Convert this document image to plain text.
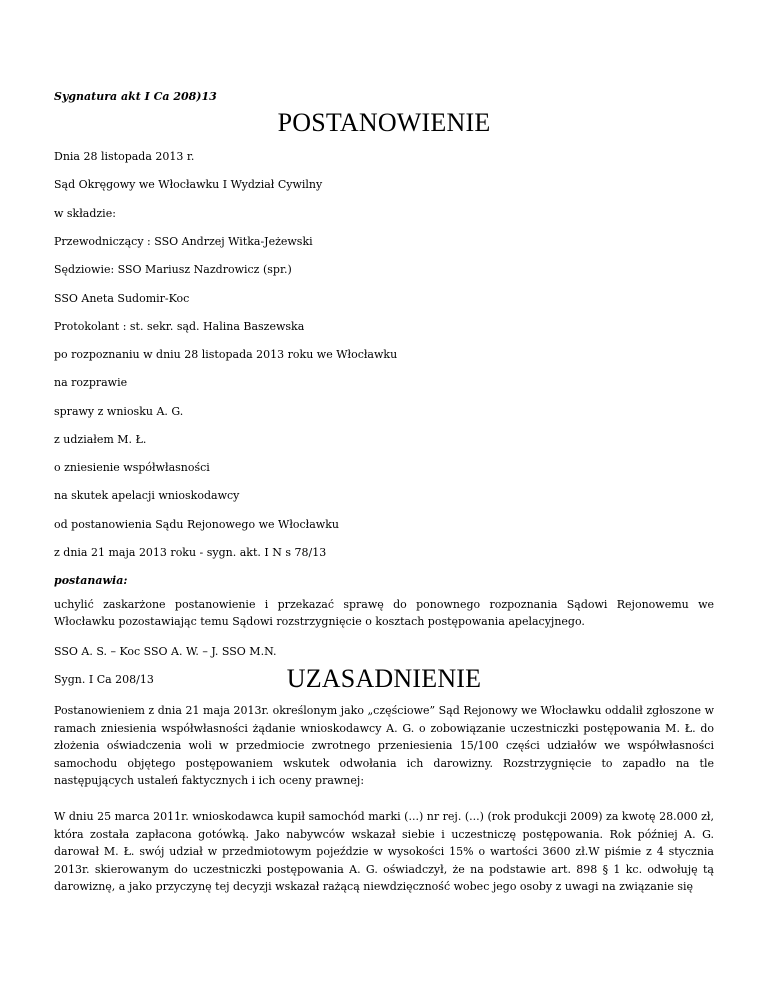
Sygnatura akt I Ca 208)13
POSTANOWIENIE
Dnia 28 listopada 2013 r.
Sąd Okręgowy we Włocławku I Wydział Cywilny
w składzie:
Przewodniczący : SSO Andrzej Witka-Jeżewski
Sędziowie: SSO Mariusz Nazdrowicz (spr.)
SSO Aneta Sudomir-Koc
Protokolant : st. sekr. sąd. Halina Baszewska
po rozpoznaniu w dniu 28 listopada 2013 roku we Włocławku
na rozprawie
sprawy z wniosku A. G.
z udziałem M. Ł.
o zniesienie współwłasności
na skutek apelacji wnioskodawcy
od postanowienia Sądu Rejonowego we Włocławku
z dnia 21 maja 2013 roku - sygn. akt. I N s 78/13
postanawia:
uchylić zaskarżone postanowienie i przekazać sprawę do ponownego rozpoznania Sądowi Rejonowemu we Włocławku pozostawiając temu Sądowi rozstrzygnięcie o kosztach postępowania apelacyjnego.
SSO A. S. – Koc SSO A. W. – J. SSO M.N.
Sygn. I Ca 208/13	UZASADNIENIE
Postanowieniem z dnia 21 maja 2013r. określonym jako „częściowe” Sąd Rejonowy we Włocławku oddalił zgłoszone w ramach zniesienia współwłasności żądanie wnioskodawcy A. G. o zobowiązanie uczestniczki postępowania M. Ł. do złożenia oświadczenia woli w przedmiocie zwrotnego przeniesienia 15/100 części udziałów we współwłasności samochodu objętego postępowaniem wskutek odwołania ich darowizny. Rozstrzygnięcie to zapadło na tle następujących ustaleń faktycznych i ich oceny prawnej:
W dniu 25 marca 2011r. wnioskodawca kupił samochód marki (...) nr rej. (...) (rok produkcji 2009) za kwotę 28.000 zł, która została zapłacona gotówką. Jako nabywców wskazał siebie i uczestniczę postępowania. Rok później A. G. darował M. Ł. swój udział w przedmiotowym pojeździe w wysokości 15% o wartości 3600 zł.W piśmie z 4 stycznia 2013r. skierowanym do uczestniczki postępowania A. G. oświadczył, że na podstawie art. 898 § 1 kc. odwołuję tą darowiznę, a jako przyczynę tej decyzji wskazał rażącą niewdzięczność wobec jego osoby z uwagi na związanie się
